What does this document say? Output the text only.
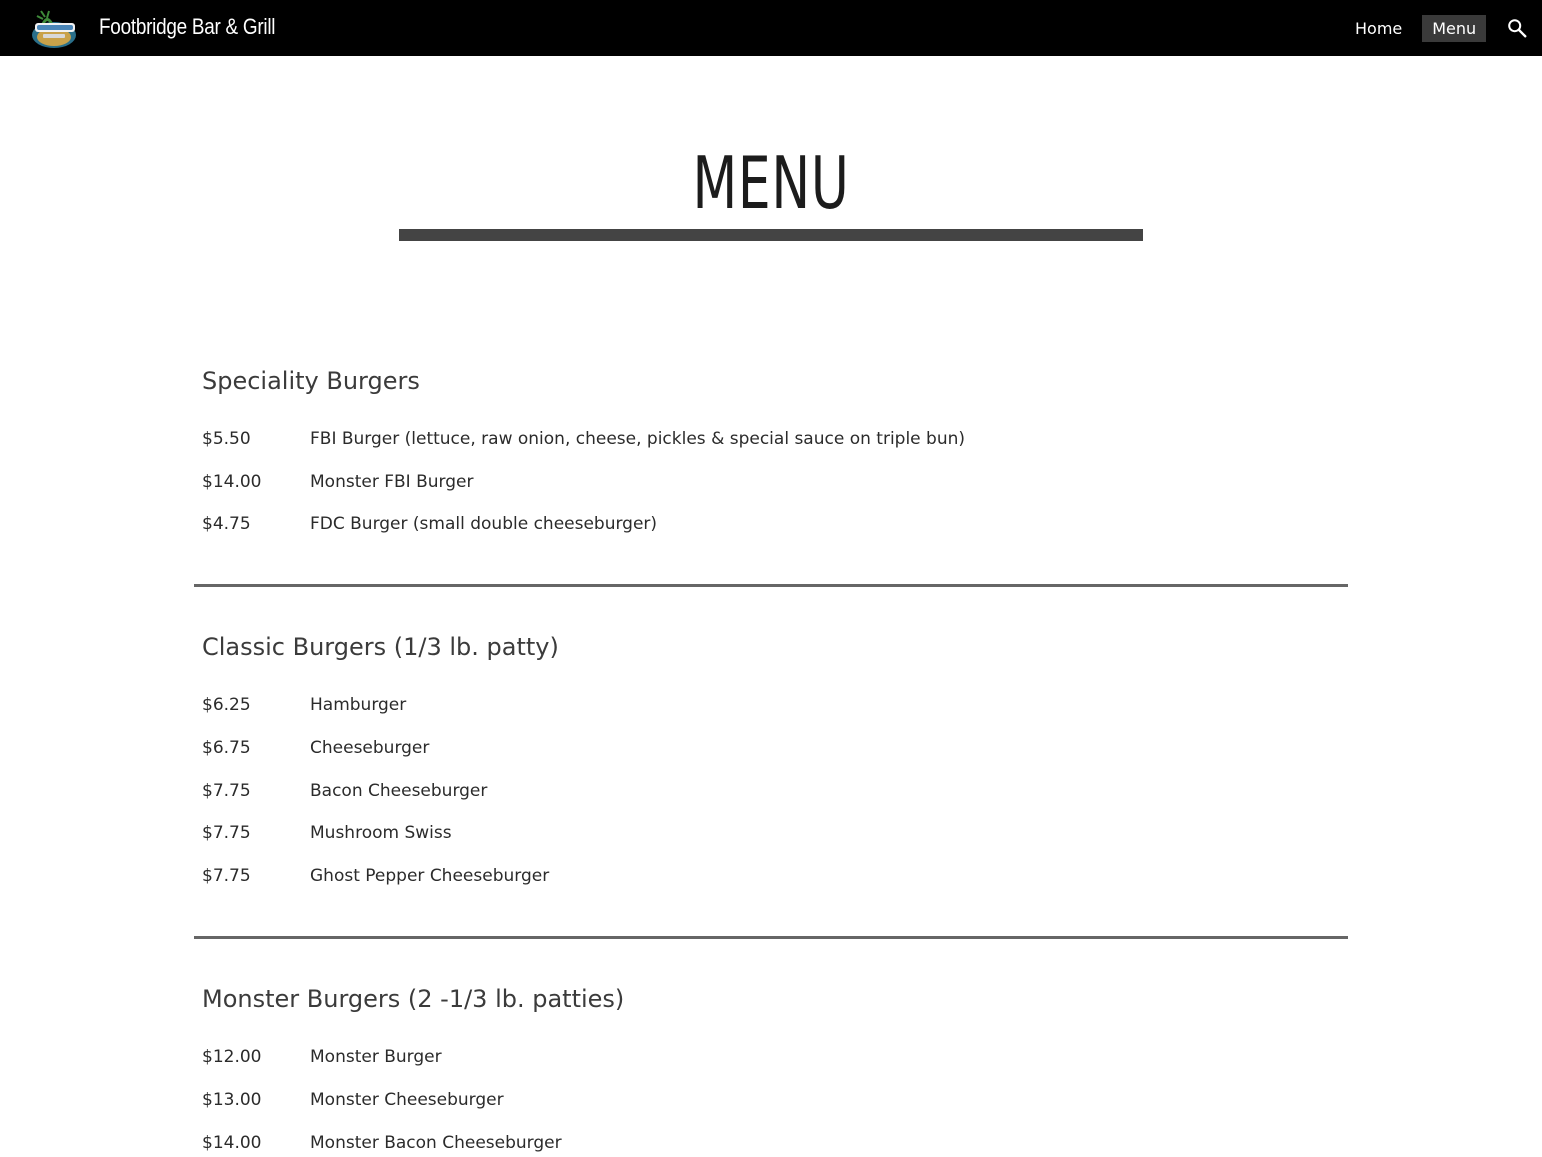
Footbridge Bar & Grill	Home	Menu
MENU
Speciality Burgers
$5.50	FBI Burger (lettuce, raw onion, cheese, pickles & special sauce on triple bun)
$14.00	Monster FBI Burger
$4.75	FDC Burger (small double cheeseburger)
Classic Burgers (1/3 lb. patty)
$6.25	Hamburger
$6.75	Cheeseburger
$7.75	Bacon Cheeseburger
$7.75	Mushroom Swiss
$7.75	Ghost Pepper Cheeseburger
Monster Burgers (2 -1/3 lb. patties)
$12.00	Monster Burger
$13.00	Monster Cheeseburger
$14.00	Monster Bacon Cheeseburger
